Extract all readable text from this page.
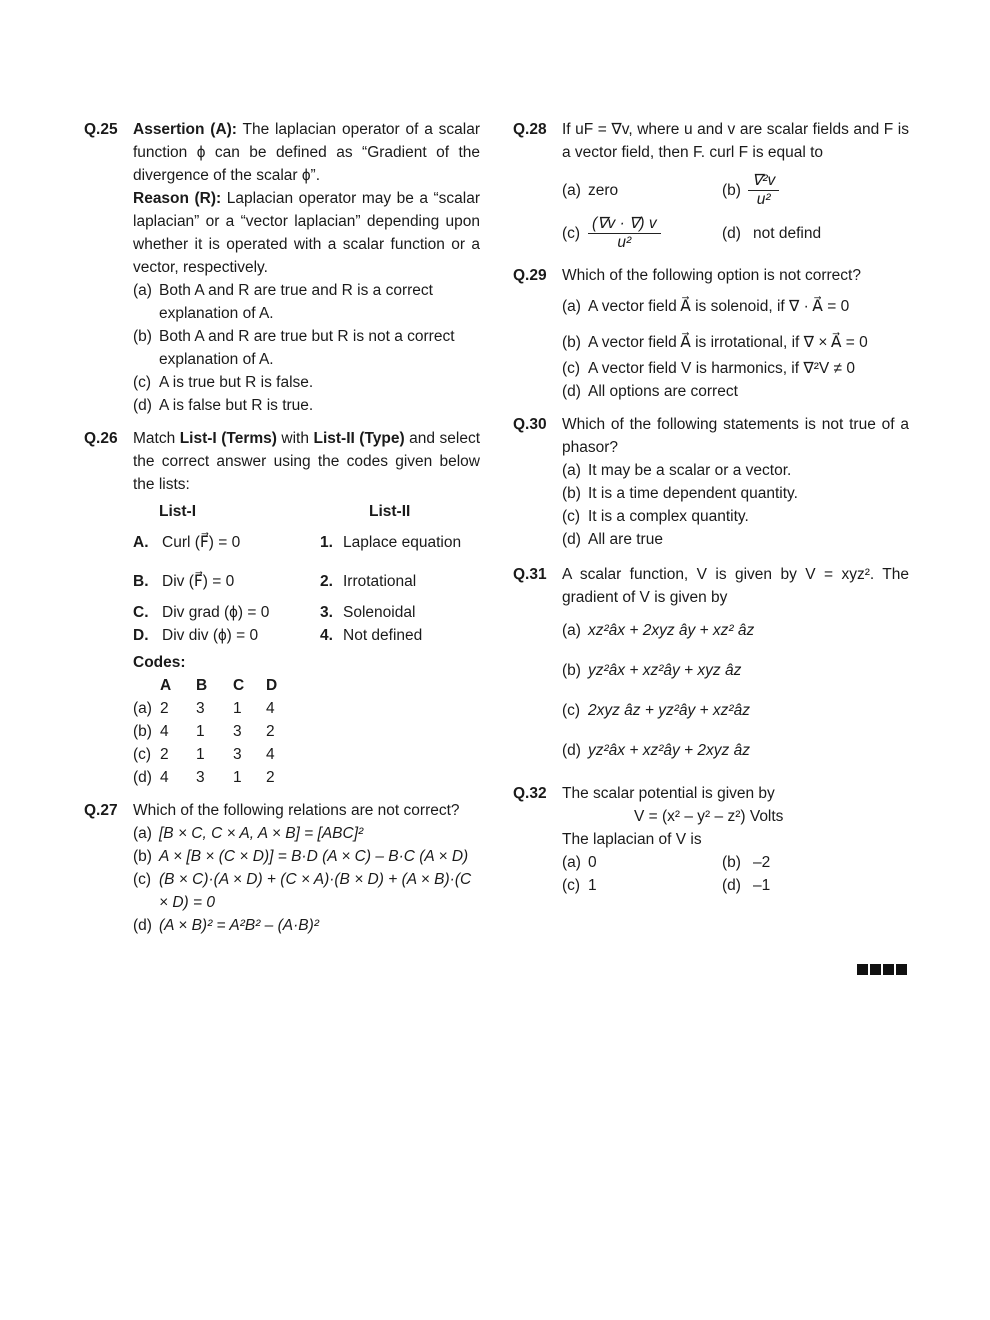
Q.25 Assertion (A): The laplacian operator of a scalar function ϕ can be defined as “Gradient of the divergence of the scalar ϕ”.
Reason (R): Laplacian operator may be a “scalar laplacian” or a “vector laplacian” depending upon whether it is operated with a scalar function or a vector, respectively.
(a) Both A and R are true and R is a correct explanation of A.
(b) Both A and R are true but R is not a correct explanation of A.
(c) A is true but R is false.
(d) A is false but R is true.
Q.26 Match List-I (Terms) with List-II (Type) and select the correct answer using the codes given below the lists:
List-I	List-II
A. Curl (F⃗) = 0	1. Laplace equation
B. Div (F⃗) = 0	2. Irrotational
C. Div grad (ϕ) = 0	3. Solenoidal
D. Div div (ϕ) = 0	4. Not defined
Codes:
A	B	C	D
(a) 2	3	1	4
(b) 4	1	3	2
(c) 2	1	3	4
(d) 4	3	1	2
Q.27 Which of the following relations are not correct?
(a) [B × C, C × A, A × B] = [ABC]²
(b) A × [B × (C × D)] = B·D (A × C) – B·C (A × D)
(c) (B × C)·(A × D) + (C × A)·(B × D) + (A × B)·(C × D) = 0
(d) (A × B)² = A²B² – (A·B)²
Q.28 If uF = ∇v, where u and v are scalar fields and F is a vector field, then F. curl F is equal to
(a) zero	$(b) \frac{\text{∇²v}}{\text{u²}}$
$(c) \frac{(\nabla v \cdot \nabla) v}{\text{u²}}$	(d) not defind
Q.29 Which of the following option is not correct?
(a) A vector field A⃗ is solenoid, if ∇ · A⃗ = 0
(b) A vector field A⃗ is irrotational, if ∇ × A⃗ = 0
(c) A vector field V is harmonics, if ∇²V ≠ 0
(d) All options are correct
Q.30 Which of the following statements is not true of a phasor?
(a) It may be a scalar or a vector.
(b) It is a time dependent quantity.
(c) It is a complex quantity.
(d) All are true
Q.31 A scalar function, V is given by V = xyz². The gradient of V is given by
(a) xz²âx + 2xyz ây + xz² âz
(b) yz²âx + xz²ây + xyz âz
(c) 2xyz âz + yz²ây + xz²âz
(d) yz²âx + xz²ây + 2xyz âz
Q.32 The scalar potential is given by
V = (x² – y² – z²) Volts
The laplacian of V is
(a) 0	(b) –2
(c) 1	(d) –1
